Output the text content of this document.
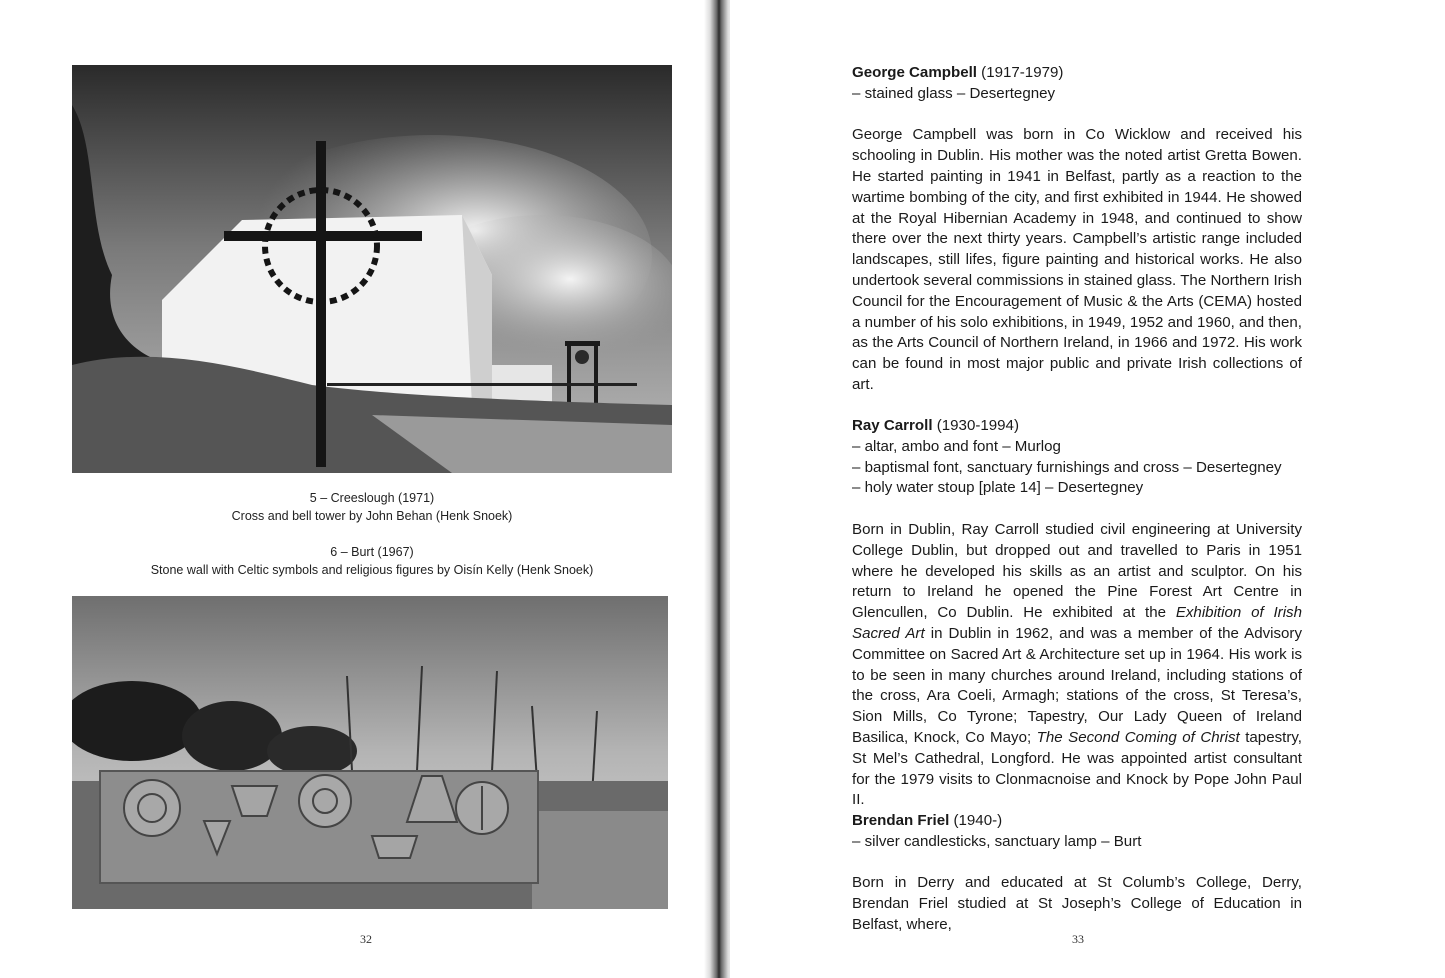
5 – Creeslough (1971)
Cross and bell tower by John Behan (Henk Snoek)
6 – Burt (1967)
Stone wall with Celtic symbols and religious figures by Oisín Kelly (Henk Snoek)
32

George Campbell (1917-1979)

– stained glass – Desertegney

George Campbell was born in Co Wicklow and received his schooling in Dublin. His mother was the noted artist Gretta Bowen. He started painting in 1941 in Belfast, partly as a reaction to the wartime bombing of the city, and first exhibited in 1944. He showed at the Royal Hibernian Academy in 1948, and continued to show there over the next thirty years. Campbell’s artistic range included landscapes, still lifes, figure painting and historical works. He also undertook several commissions in stained glass. The Northern Irish Council for the Encouragement of Music & the Arts (CEMA) hosted a number of his solo exhibitions, in 1949, 1952 and 1960, and then, as the Arts Council of Northern Ireland, in 1966 and 1972. His work can be found in most major public and private Irish collections of art.

Ray Carroll (1930-1994)

– altar, ambo and font – Murlog

– baptismal font, sanctuary furnishings and cross – Desertegney

– holy water stoup [plate 14] – Desertegney

Born in Dublin, Ray Carroll studied civil engineering at University College Dublin, but dropped out and travelled to Paris in 1951 where he developed his skills as an artist and sculptor. On his return to Ireland he opened the Pine Forest Art Centre in Glencullen, Co Dublin. He exhibited at the Exhibition of Irish Sacred Art in Dublin in 1962, and was a member of the Advisory Committee on Sacred Art & Architecture set up in 1964. His work is to be seen in many churches around Ireland, including stations of the cross, Ara Coeli, Armagh; stations of the cross, St Teresa’s, Sion Mills, Co Tyrone; Tapestry, Our Lady Queen of Ireland Basilica, Knock, Co Mayo; The Second Coming of Christ tapestry, St Mel’s Cathedral, Longford. He was appointed artist consultant for the 1979 visits to Clonmacnoise and Knock by Pope John Paul II.

Brendan Friel (1940-)

– silver candlesticks, sanctuary lamp – Burt

Born in Derry and educated at St Columb’s College, Derry, Brendan Friel studied at St Joseph’s College of Education in Belfast, where,

33
